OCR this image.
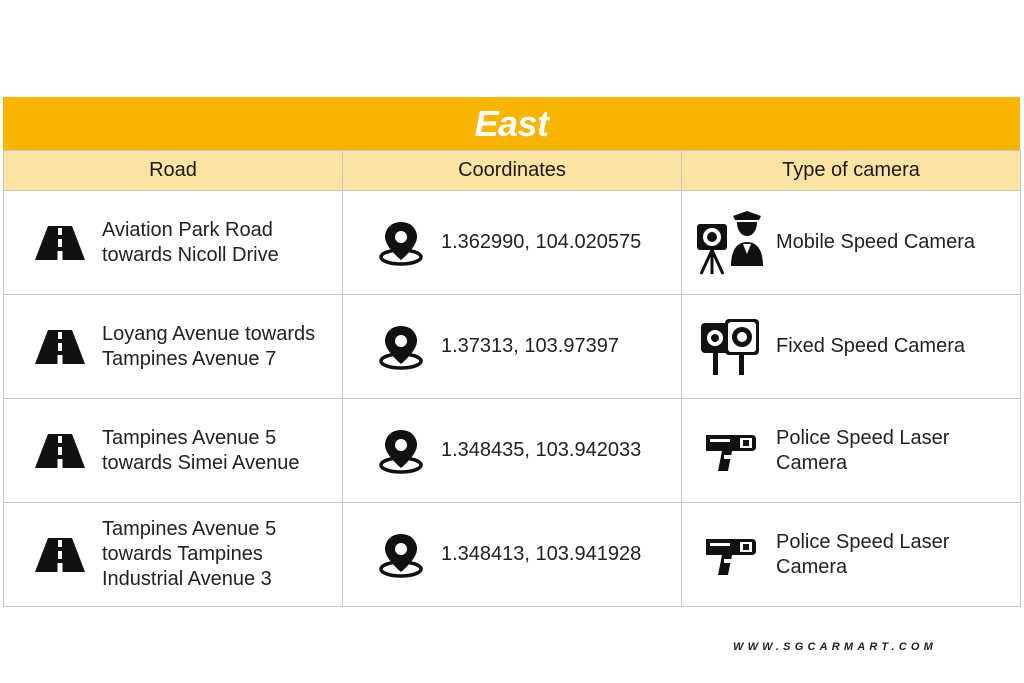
East
Road	Coordinates	Type of camera

Aviation Park Road
towards Nicoll Drive	1.362990, 104.020575	Mobile Speed Camera

Loyang Avenue towards
Tampines Avenue 7	1.37313, 103.97397	Fixed Speed Camera

Tampines Avenue 5
towards Simei Avenue	1.348435, 103.942033	Police Speed Laser
Camera

Tampines Avenue 5
towards Tampines
Industrial Avenue 3	1.348413, 103.941928	Police Speed Laser
Camera
WWW.SGCARMART.COM
